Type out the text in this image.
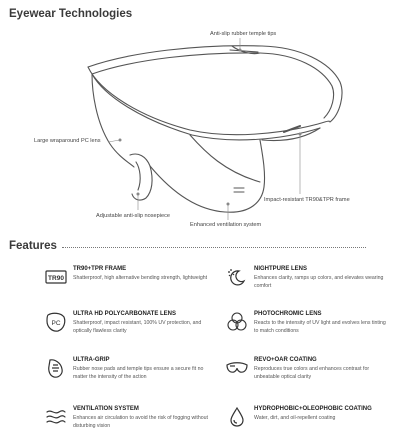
Eyewear Technologies
Anti-slip rubber temple tips
Large wraparound PC lens
Impact-resistant TR90&TPR frame
Adjustable anti-slip nosepiece
Enhanced ventilation system
Features
TR90
TR90+TPR FRAME
Shatterproof, high alternative bending strength, lightweight
NIGHTPURE LENS
Enhances clarity, ramps up colors, and elevates wearing comfort
PC
ULTRA HD POLYCARBONATE LENS
Shatterproof, impact resistant, 100% UV protection, and optically flawless clarity
PHOTOCHROMIC LENS
Reacts to the intensity of UV light and evolves lens tinting to match conditions
ULTRA-GRIP
Rubber nose pads and temple tips ensure a secure fit no matter the intensity of the action
REVO+OAR COATING
Reproduces true colors and enhances contrast for unbeatable optical clarity
VENTILATION SYSTEM
Enhances air circulation to avoid the risk of fogging without disturbing vision
HYDROPHOBIC+OLEOPHOBIC COATING
Water, dirt, and oil-repellent coating
